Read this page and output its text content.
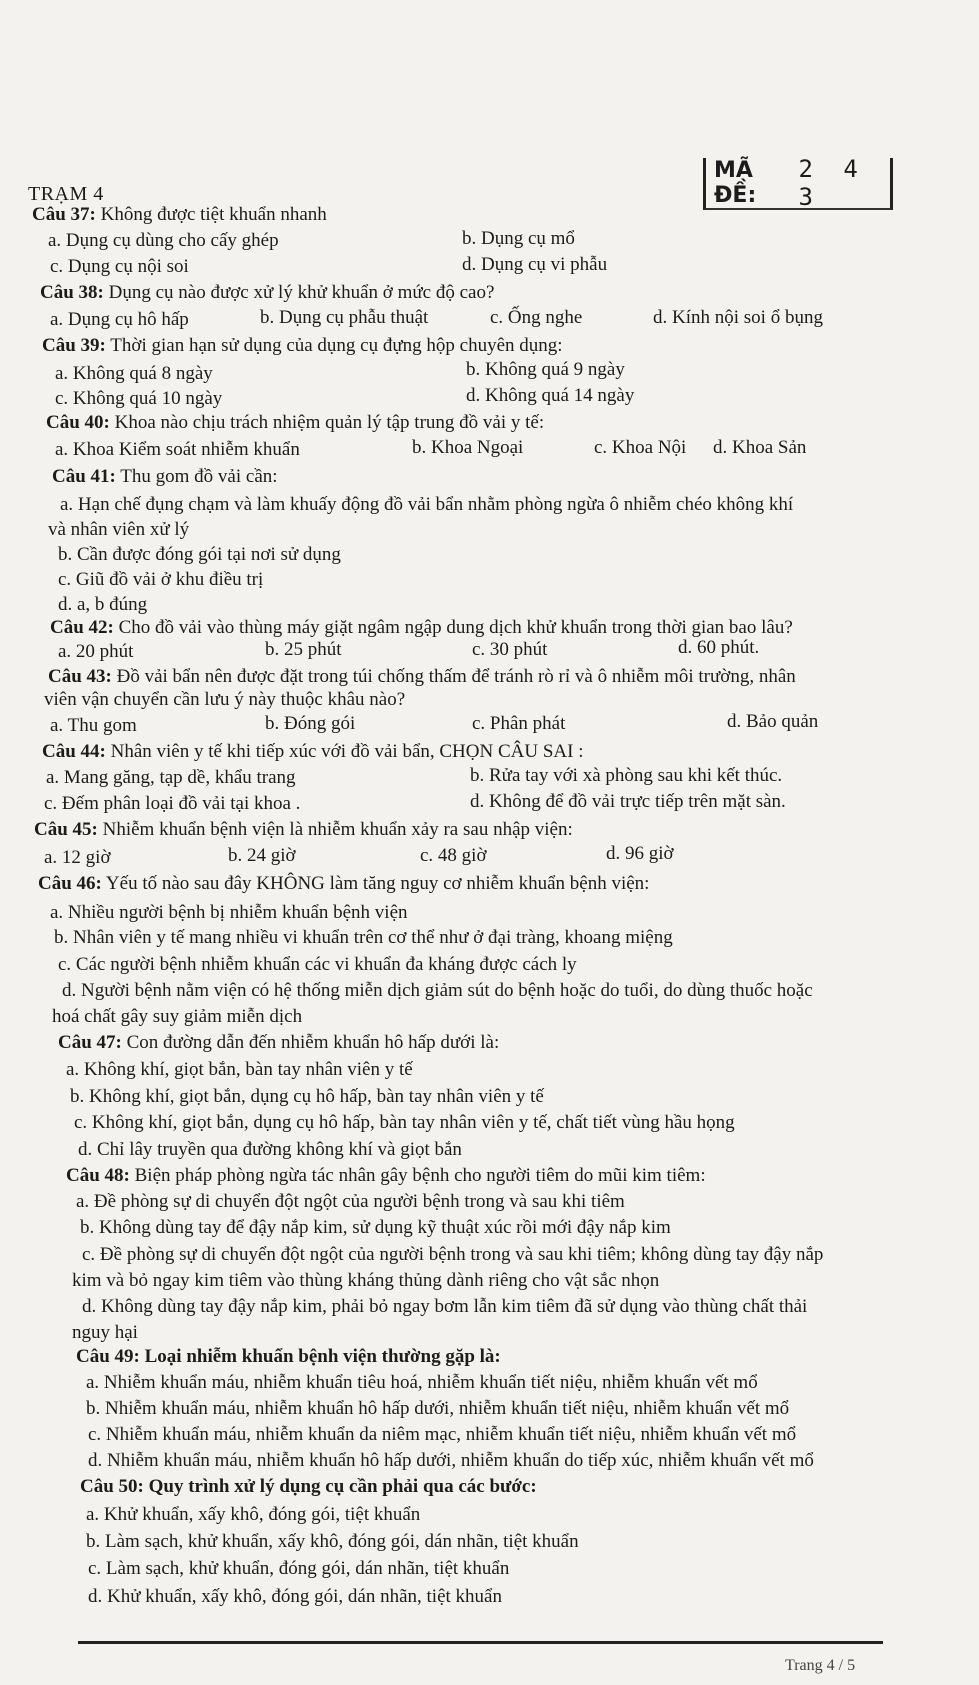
TRẠM 4
MÃ ĐỀ:
2 4 3
Câu 37: Không được tiệt khuẩn nhanh
a. Dụng cụ dùng cho cấy ghép	b. Dụng cụ mổ
c. Dụng cụ nội soi	d. Dụng cụ vi phẫu
Câu 38: Dụng cụ nào được xử lý khử khuẩn ở mức độ cao?
a. Dụng cụ hô hấp	b. Dụng cụ phẫu thuật	c. Ống nghe	d. Kính nội soi ổ bụng
Câu 39: Thời gian hạn sử dụng của dụng cụ đựng hộp chuyên dụng:
a. Không quá 8 ngày	b. Không quá 9 ngày
c. Không quá 10 ngày	d. Không quá 14 ngày
Câu 40: Khoa nào chịu trách nhiệm quản lý tập trung đồ vải y tế:
a. Khoa Kiểm soát nhiễm khuẩn	b. Khoa Ngoại	c. Khoa Nội d. Khoa Sản
Câu 41: Thu gom đồ vải cần:
a. Hạn chế đụng chạm và làm khuấy động đồ vải bẩn nhằm phòng ngừa ô nhiễm chéo không khí
và nhân viên xử lý
b. Cần được đóng gói tại nơi sử dụng
c. Giũ đồ vải ở khu điều trị
d. a, b đúng
Câu 42: Cho đồ vải vào thùng máy giặt ngâm ngập dung dịch khử khuẩn trong thời gian bao lâu?
a. 20 phút	b. 25 phút	c. 30 phút	d. 60 phút.
Câu 43: Đồ vải bẩn nên được đặt trong túi chống thấm để tránh rò rỉ và ô nhiễm môi trường, nhân
viên vận chuyển cần lưu ý này thuộc khâu nào?
a. Thu gom	b. Đóng gói	c. Phân phát	d. Bảo quản
Câu 44: Nhân viên y tế khi tiếp xúc với đồ vải bẩn, CHỌN CÂU SAI :
a. Mang găng, tạp dề, khẩu trang	b. Rửa tay với xà phòng sau khi kết thúc.
c. Đếm phân loại đồ vải tại khoa .	d. Không để đồ vải trực tiếp trên mặt sàn.
Câu 45: Nhiễm khuẩn bệnh viện là nhiễm khuẩn xảy ra sau nhập viện:
a. 12 giờ	b. 24 giờ	c. 48 giờ	d. 96 giờ
Câu 46: Yếu tố nào sau đây KHÔNG làm tăng nguy cơ nhiễm khuẩn bệnh viện:
a. Nhiều người bệnh bị nhiễm khuẩn bệnh viện
b. Nhân viên y tế mang nhiều vi khuẩn trên cơ thể như ở đại tràng, khoang miệng
c. Các người bệnh nhiễm khuẩn các vi khuẩn đa kháng được cách ly
d. Người bệnh nằm viện có hệ thống miễn dịch giảm sút do bệnh hoặc do tuổi, do dùng thuốc hoặc
hoá chất gây suy giảm miễn dịch
Câu 47: Con đường dẫn đến nhiễm khuẩn hô hấp dưới là:
a. Không khí, giọt bắn, bàn tay nhân viên y tế
b. Không khí, giọt bắn, dụng cụ hô hấp, bàn tay nhân viên y tế
c. Không khí, giọt bắn, dụng cụ hô hấp, bàn tay nhân viên y tế, chất tiết vùng hầu họng
d. Chỉ lây truyền qua đường không khí và giọt bắn
Câu 48: Biện pháp phòng ngừa tác nhân gây bệnh cho người tiêm do mũi kim tiêm:
a. Đề phòng sự di chuyển đột ngột của người bệnh trong và sau khi tiêm
b. Không dùng tay để đậy nắp kim, sử dụng kỹ thuật xúc rồi mới đậy nắp kim
c. Đề phòng sự di chuyển đột ngột của người bệnh trong và sau khi tiêm; không dùng tay đậy nắp
kim và bỏ ngay kim tiêm vào thùng kháng thủng dành riêng cho vật sắc nhọn
d. Không dùng tay đậy nắp kim, phải bỏ ngay bơm lẫn kim tiêm đã sử dụng vào thùng chất thải
nguy hại
Câu 49: Loại nhiễm khuẩn bệnh viện thường gặp là:
a. Nhiễm khuẩn máu, nhiễm khuẩn tiêu hoá, nhiễm khuẩn tiết niệu, nhiễm khuẩn vết mổ
b. Nhiễm khuẩn máu, nhiễm khuẩn hô hấp dưới, nhiễm khuẩn tiết niệu, nhiễm khuẩn vết mổ
c. Nhiễm khuẩn máu, nhiễm khuẩn da niêm mạc, nhiễm khuẩn tiết niệu, nhiễm khuẩn vết mổ
d. Nhiễm khuẩn máu, nhiễm khuẩn hô hấp dưới, nhiễm khuẩn do tiếp xúc, nhiễm khuẩn vết mổ
Câu 50: Quy trình xử lý dụng cụ cần phải qua các bước:
a. Khử khuẩn, xấy khô, đóng gói, tiệt khuẩn
b. Làm sạch, khử khuẩn, xấy khô, đóng gói, dán nhãn, tiệt khuẩn
c. Làm sạch, khử khuẩn, đóng gói, dán nhãn, tiệt khuẩn
d. Khử khuẩn, xấy khô, đóng gói, dán nhãn, tiệt khuẩn
Trang 4 / 5
